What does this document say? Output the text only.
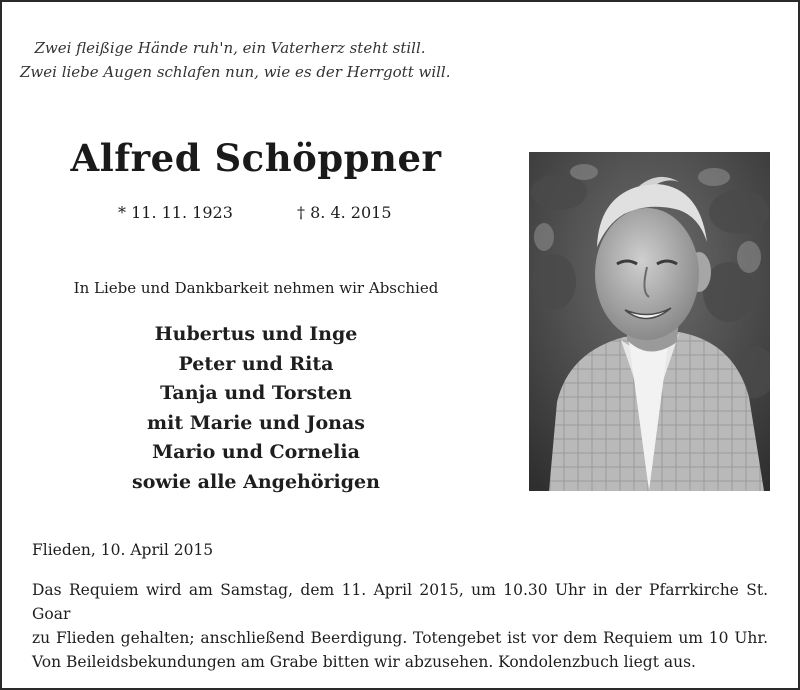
Zwei fleißige Hände ruh'n, ein Vaterherz steht still.
Zwei liebe Augen schlafen nun, wie es der Herrgott will.
Alfred Schöppner
* 11. 11. 1923	† 8. 4. 2015
In Liebe und Dankbarkeit nehmen wir Abschied
Hubertus und Inge
Peter und Rita
Tanja und Torsten
mit Marie und Jonas
Mario und Cornelia
sowie alle Angehörigen
Flieden, 10. April 2015
Das Requiem wird am Samstag, dem 11. April 2015, um 10.30 Uhr in der Pfarrkirche St. Goar
zu Flieden gehalten; anschließend Beerdigung. Totengebet ist vor dem Requiem um 10 Uhr.
Von Beileidsbekundungen am Grabe bitten wir abzusehen. Kondolenzbuch liegt aus.
